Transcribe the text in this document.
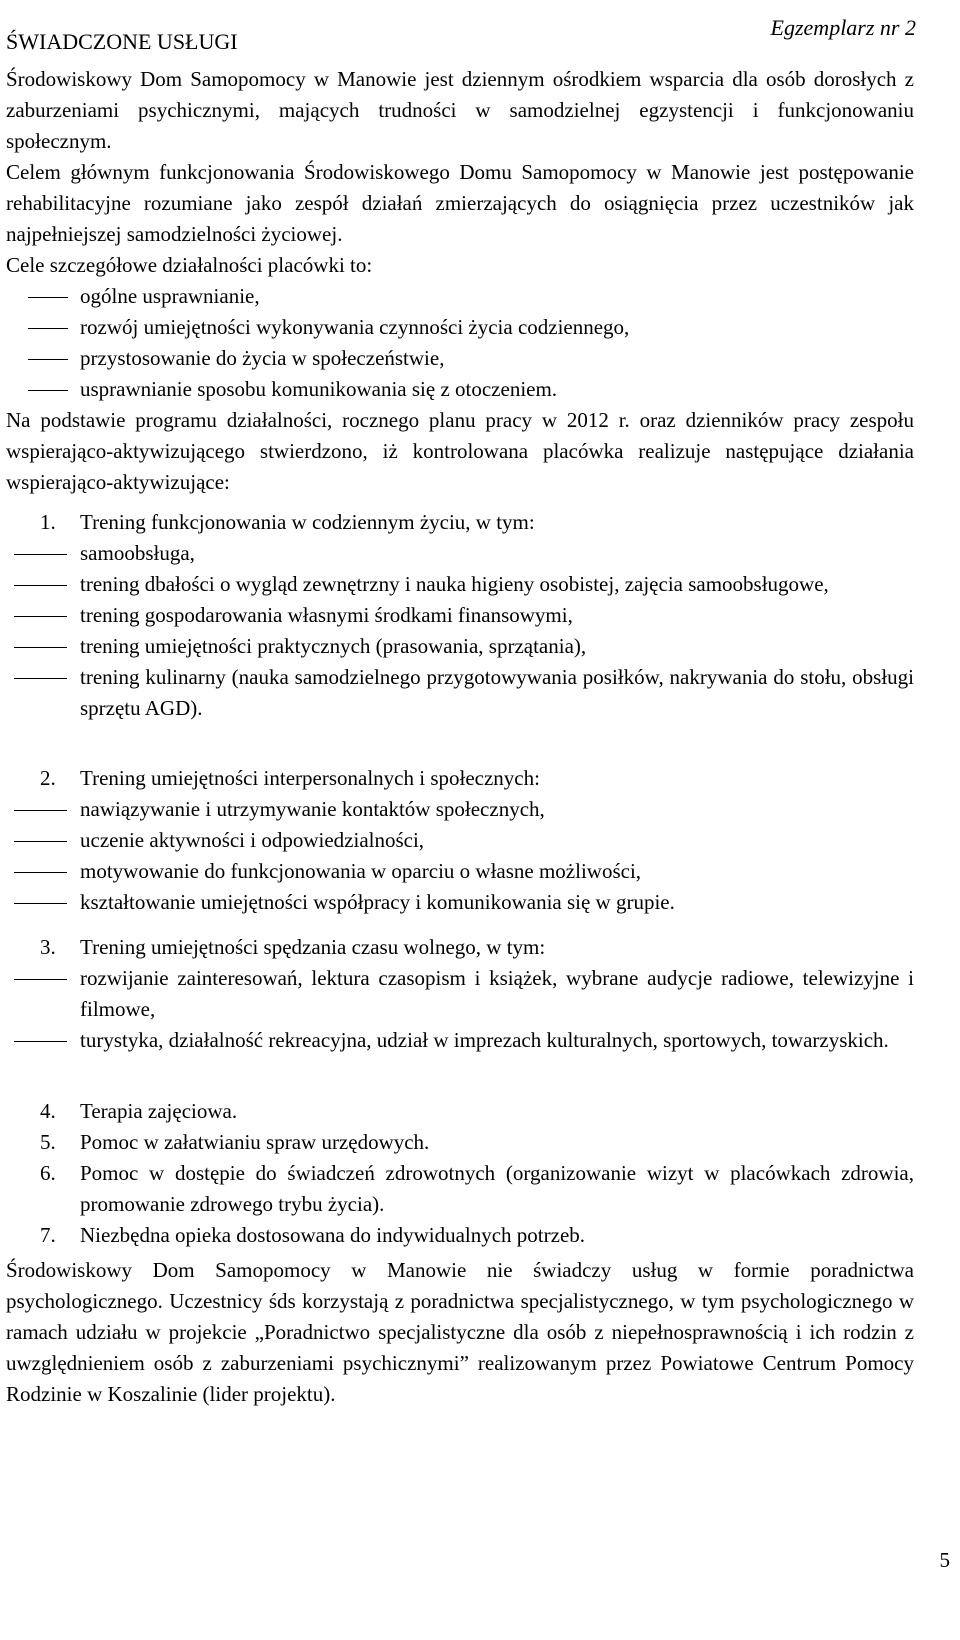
Egzemplarz nr 2
ŚWIADCZONE USŁUGI

Środowiskowy Dom Samopomocy w Manowie jest dziennym ośrodkiem wsparcia dla osób dorosłych z zaburzeniami psychicznymi, mających trudności w samodzielnej egzystencji i funkcjonowaniu społecznym.

Celem głównym funkcjonowania Środowiskowego Domu Samopomocy w Manowie jest postępowanie rehabilitacyjne rozumiane jako zespół działań zmierzających do osiągnięcia przez uczestników jak najpełniejszej samodzielności życiowej.

Cele szczegółowe działalności placówki to:

ogólne usprawnianie,
rozwój umiejętności wykonywania czynności życia codziennego,
przystosowanie do życia w społeczeństwie,
usprawnianie sposobu komunikowania się z otoczeniem.

Na podstawie programu działalności, rocznego planu pracy w 2012 r. oraz dzienników pracy zespołu wspierająco-aktywizującego stwierdzono, iż kontrolowana placówka realizuje następujące działania wspierająco-aktywizujące:

1. Trening funkcjonowania w codziennym życiu, w tym:
samoobsługa,
trening dbałości o wygląd zewnętrzny i nauka higieny osobistej, zajęcia samoobsługowe,
trening gospodarowania własnymi środkami finansowymi,
trening umiejętności praktycznych (prasowania, sprzątania),
trening kulinarny (nauka samodzielnego przygotowywania posiłków, nakrywania do stołu, obsługi sprzętu AGD).
2. Trening umiejętności interpersonalnych i społecznych:
nawiązywanie i utrzymywanie kontaktów społecznych,
uczenie aktywności i odpowiedzialności,
motywowanie do funkcjonowania w oparciu o własne możliwości,
kształtowanie umiejętności współpracy i komunikowania się w grupie.
3. Trening umiejętności spędzania czasu wolnego, w tym:
rozwijanie zainteresowań, lektura czasopism i książek, wybrane audycje radiowe, telewizyjne i filmowe,
turystyka, działalność rekreacyjna, udział w imprezach kulturalnych, sportowych, towarzyskich.
4. Terapia zajęciowa.
5. Pomoc w załatwianiu spraw urzędowych.
6. Pomoc w dostępie do świadczeń zdrowotnych (organizowanie wizyt w placówkach zdrowia, promowanie zdrowego trybu życia).
7. Niezbędna opieka dostosowana do indywidualnych potrzeb.

Środowiskowy Dom Samopomocy w Manowie nie świadczy usług w formie poradnictwa psychologicznego. Uczestnicy śds korzystają z poradnictwa specjalistycznego, w tym psychologicznego w ramach udziału w projekcie „Poradnictwo specjalistyczne dla osób z niepełnosprawnością i ich rodzin z uwzględnieniem osób z zaburzeniami psychicznymi” realizowanym przez Powiatowe Centrum Pomocy Rodzinie w Koszalinie (lider projektu).

5
